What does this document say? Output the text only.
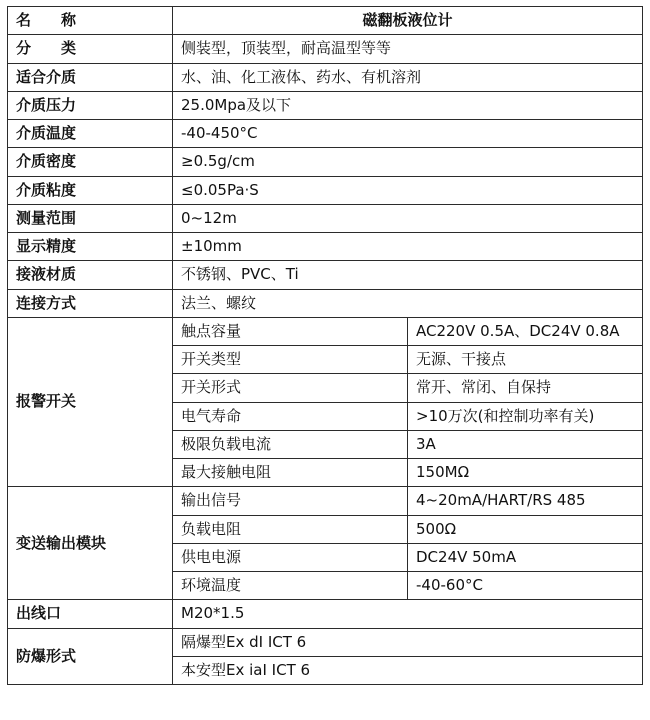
名　　称	磁翻板液位计	
分　　类	侧装型，顶装型，耐高温型等等	
适合介质	水、油、化工液体、药水、有机溶剂	
介质压力	25.0Mpa及以下	
介质温度	-40-450°C	
介质密度	≥0.5g/cm	
介质粘度	≤0.05Pa·S	
测量范围	0~12m	
显示精度	±10mm	
接液材质	不锈钢、PVC、Ti	
连接方式	法兰、螺纹	
报警开关	触点容量	AC220V 0.5A、DC24V 0.8A
	开关类型	无源、干接点
	开关形式	常开、常闭、自保持
	电气寿命	>10万次(和控制功率有关)
	极限负载电流	3A
	最大接触电阻	150MΩ
变送输出模块	输出信号	4~20mA/HART/RS 485
	负载电阻	500Ω
	供电电源	DC24V 50mA
	环境温度	-40-60°C
出线口	M20*1.5	
防爆形式	隔爆型Ex dI ICT 6	
	本安型Ex iaI ICT 6	
